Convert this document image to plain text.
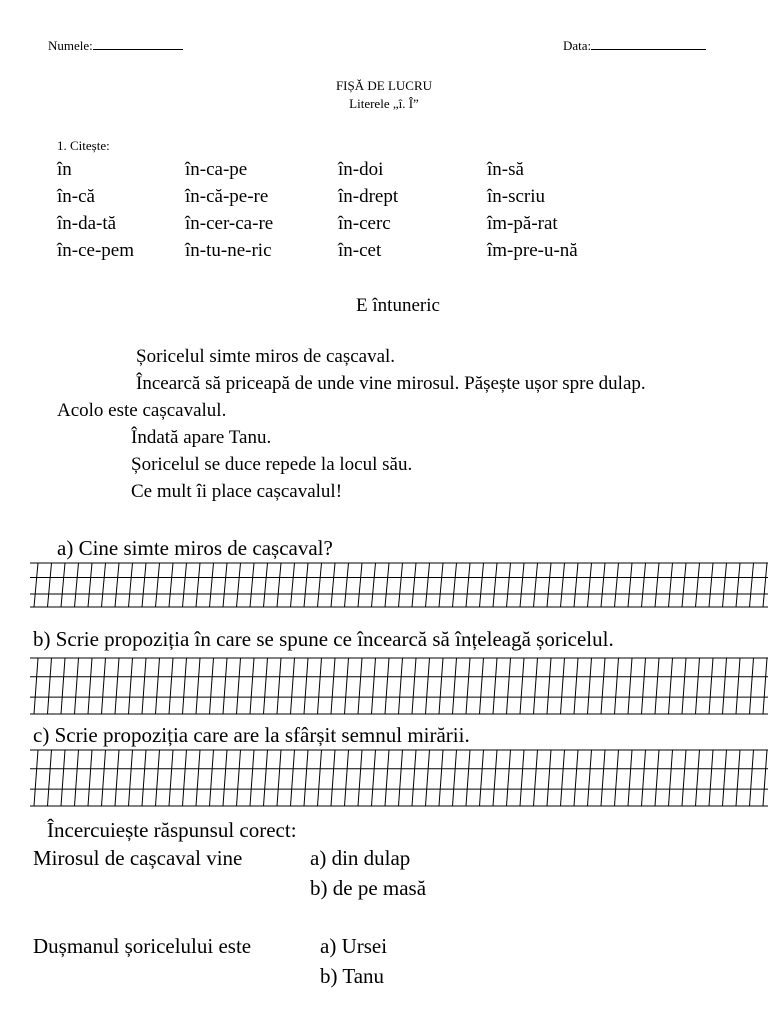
Numele:	Data:
FIȘĂ DE LUCRU
Literele „î. Î”
1. Citește:
în	în-ca-pe	în-doi	în-să
în-că	în-că-pe-re	în-drept	în-scriu
în-da-tă	în-cer-ca-re	în-cerc	îm-pă-rat
în-ce-pem	în-tu-ne-ric	în-cet	îm-pre-u-nă
E întuneric
Șoricelul simte miros de cașcaval.
Încearcă să priceapă de unde vine mirosul. Pășește ușor spre dulap.
Acolo este cașcavalul.
Îndată apare Tanu.
Șoricelul se duce repede la locul său.
Ce mult îi place cașcavalul!
a) Cine simte miros de cașcaval?
b) Scrie propoziția în care se spune ce încearcă să înțeleagă șoricelul.
c) Scrie propoziția care are la sfârșit semnul mirării.
Încercuiește răspunsul corect:
Mirosul de cașcaval vine	a) din dulap
b) de pe masă
Dușmanul șoricelului este	a) Ursei
b) Tanu
